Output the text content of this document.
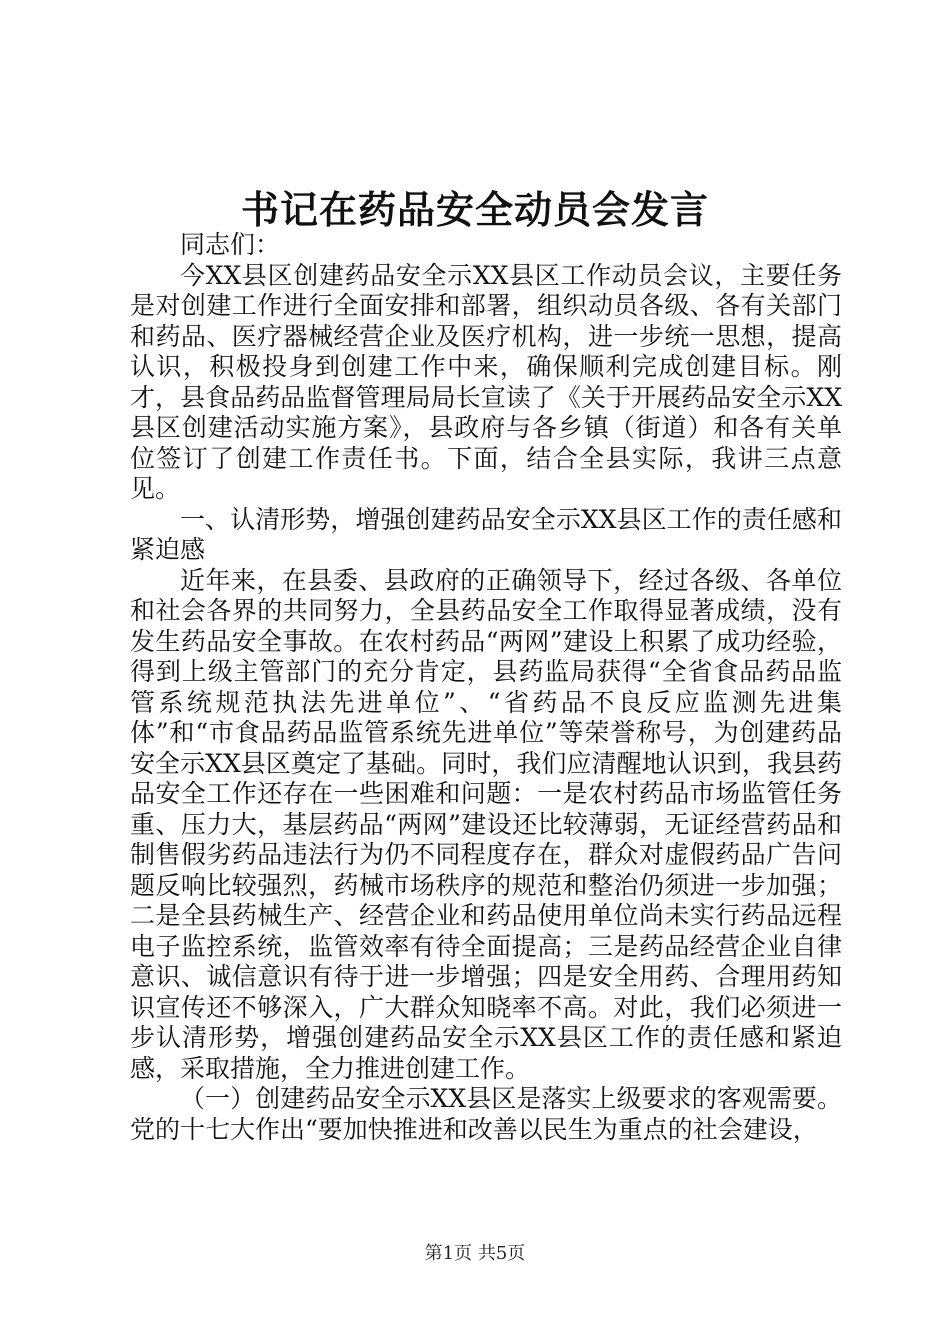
书记在药品安全动员会发言

同志们：

今XX县区创建药品安全示XX县区工作动员会议，主要任务是对创建工作进行全面安排和部署，组织动员各级、各有关部门和药品、医疗器械经营企业及医疗机构，进一步统一思想，提高认识，积极投身到创建工作中来，确保顺利完成创建目标。刚才，县食品药品监督管理局局长宣读了《关于开展药品安全示XX县区创建活动实施方案》，县政府与各乡镇（街道）和各有关单位签订了创建工作责任书。下面，结合全县实际，我讲三点意见。

一、认清形势，增强创建药品安全示XX县区工作的责任感和紧迫感

近年来，在县委、县政府的正确领导下，经过各级、各单位和社会各界的共同努力，全县药品安全工作取得显著成绩，没有发生药品安全事故。在农村药品“两网”建设上积累了成功经验，得到上级主管部门的充分肯定，县药监局获得“全省食品药品监管系统规范执法先进单位”、“省药品不良反应监测先进集体”和“市食品药品监管系统先进单位”等荣誉称号，为创建药品安全示XX县区奠定了基础。同时，我们应清醒地认识到，我县药品安全工作还存在一些困难和问题：一是农村药品市场监管任务重、压力大，基层药品“两网”建设还比较薄弱，无证经营药品和制售假劣药品违法行为仍不同程度存在，群众对虚假药品广告问题反响比较强烈，药械市场秩序的规范和整治仍须进一步加强；二是全县药械生产、经营企业和药品使用单位尚未实行药品远程电子监控系统，监管效率有待全面提高；三是药品经营企业自律意识、诚信意识有待于进一步增强；四是安全用药、合理用药知识宣传还不够深入，广大群众知晓率不高。对此，我们必须进一步认清形势，增强创建药品安全示XX县区工作的责任感和紧迫感，采取措施，全力推进创建工作。

（一）创建药品安全示XX县区是落实上级要求的客观需要。党的十七大作出“要加快推进和改善以民生为重点的社会建设，

第1页 共5页
